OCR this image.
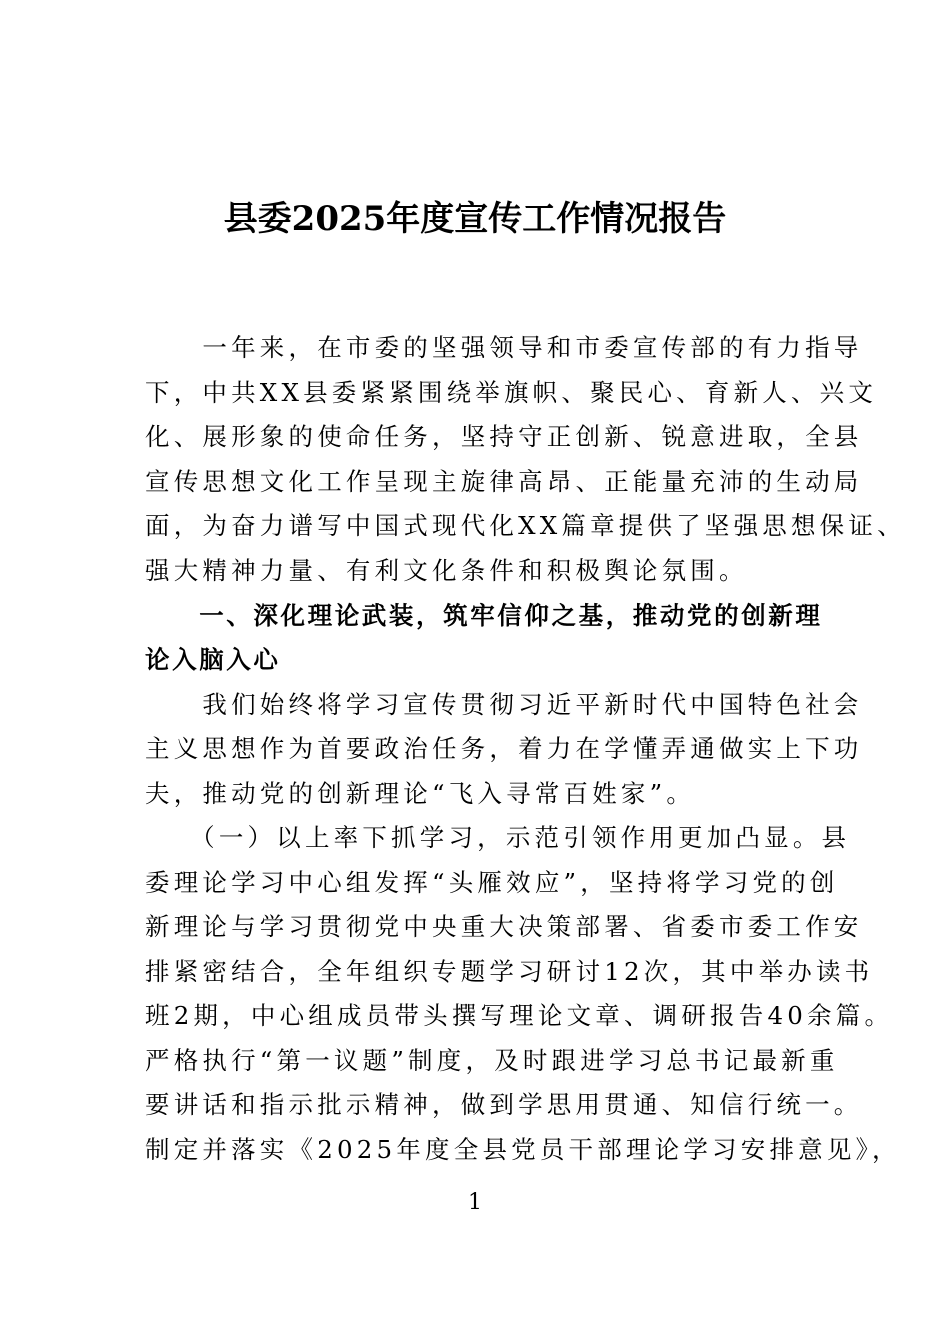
县委2025年度宣传工作情况报告
　　一年来，在市委的坚强领导和市委宣传部的有力指导
下，中共XX县委紧紧围绕举旗帜、聚民心、育新人、兴文
化、展形象的使命任务，坚持守正创新、锐意进取，全县
宣传思想文化工作呈现主旋律高昂、正能量充沛的生动局
面，为奋力谱写中国式现代化XX篇章提供了坚强思想保证、
强大精神力量、有利文化条件和积极舆论氛围。
　　一、深化理论武装，筑牢信仰之基，推动党的创新理
论入脑入心
　　我们始终将学习宣传贯彻习近平新时代中国特色社会
主义思想作为首要政治任务，着力在学懂弄通做实上下功
夫，推动党的创新理论“飞入寻常百姓家”。
　　（一）以上率下抓学习，示范引领作用更加凸显。县
委理论学习中心组发挥“头雁效应”，坚持将学习党的创
新理论与学习贯彻党中央重大决策部署、省委市委工作安
排紧密结合，全年组织专题学习研讨12次，其中举办读书
班2期，中心组成员带头撰写理论文章、调研报告40余篇。
严格执行“第一议题”制度，及时跟进学习总书记最新重
要讲话和指示批示精神，做到学思用贯通、知信行统一。
制定并落实《2025年度全县党员干部理论学习安排意见》，
1
